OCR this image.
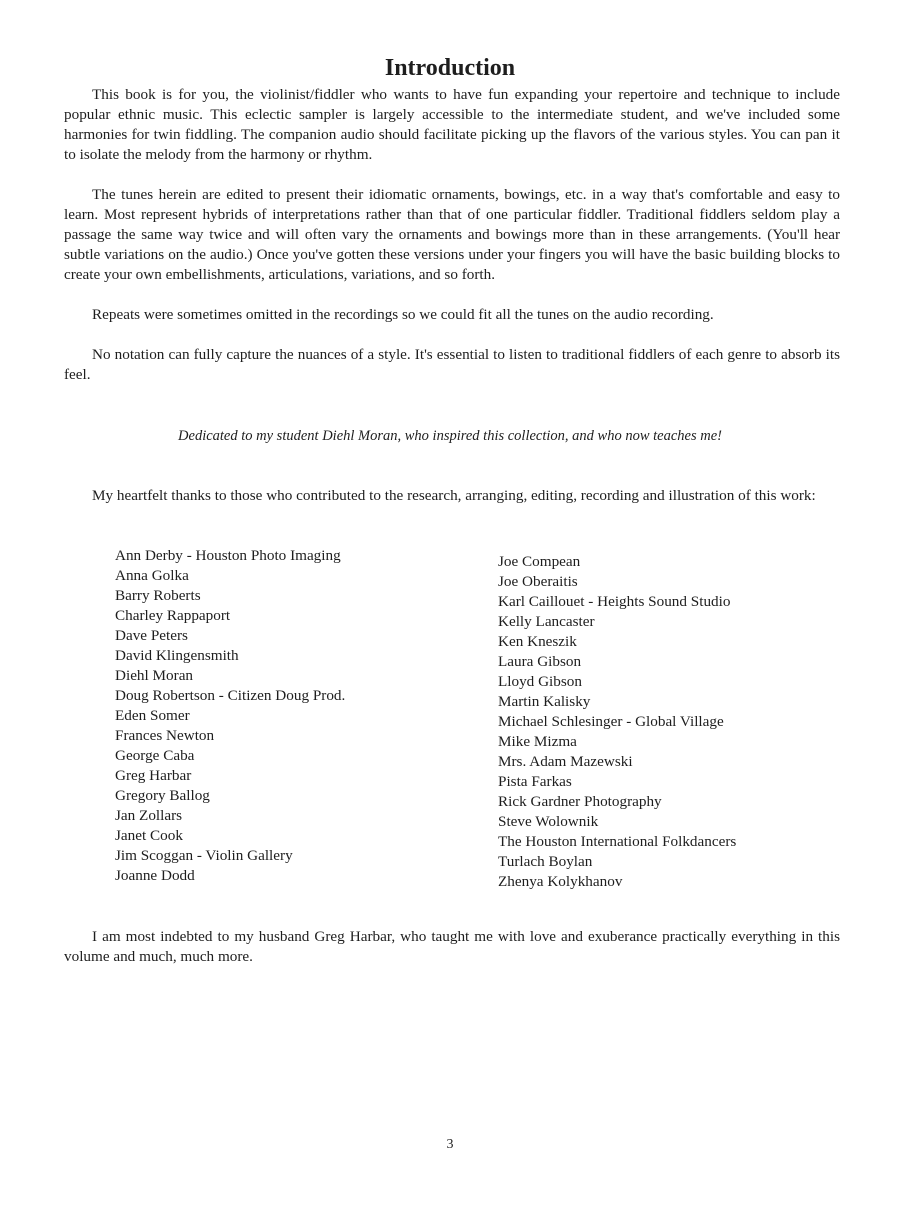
Introduction

This book is for you, the violinist/fiddler who wants to have fun expanding your repertoire and technique to include popular ethnic music. This eclectic sampler is largely accessible to the intermediate student, and we've included some harmonies for twin fiddling. The companion audio should facilitate picking up the flavors of the various styles. You can pan it to isolate the melody from the harmony or rhythm.

The tunes herein are edited to present their idiomatic ornaments, bowings, etc. in a way that's comfortable and easy to learn. Most represent hybrids of interpretations rather than that of one particular fiddler. Traditional fiddlers seldom play a passage the same way twice and will often vary the ornaments and bowings more than in these arrangements. (You'll hear subtle variations on the audio.) Once you've gotten these versions under your fingers you will have the basic building blocks to create your own embellishments, articulations, variations, and so forth.

Repeats were sometimes omitted in the recordings so we could fit all the tunes on the audio recording.

No notation can fully capture the nuances of a style. It's essential to listen to traditional fiddlers of each genre to absorb its feel.

Dedicated to my student Diehl Moran, who inspired this collection, and who now teaches me!

My heartfelt thanks to those who contributed to the research, arranging, editing, recording and illustration of this work:

Ann Derby - Houston Photo Imaging
Anna Golka
Barry Roberts
Charley Rappaport
Dave Peters
David Klingensmith
Diehl Moran
Doug Robertson - Citizen Doug Prod.
Eden Somer
Frances Newton
George Caba
Greg Harbar
Gregory Ballog
Jan Zollars
Janet Cook
Jim Scoggan - Violin Gallery
Joanne Dodd
Joe Compean
Joe Oberaitis
Karl Caillouet - Heights Sound Studio
Kelly Lancaster
Ken Kneszik
Laura Gibson
Lloyd Gibson
Martin Kalisky
Michael Schlesinger - Global Village
Mike Mizma
Mrs. Adam Mazewski
Pista Farkas
Rick Gardner Photography
Steve Wolownik
The Houston International Folkdancers
Turlach Boylan
Zhenya Kolykhanov

I am most indebted to my husband Greg Harbar, who taught me with love and exuberance practically everything in this volume and much, much more.

3
